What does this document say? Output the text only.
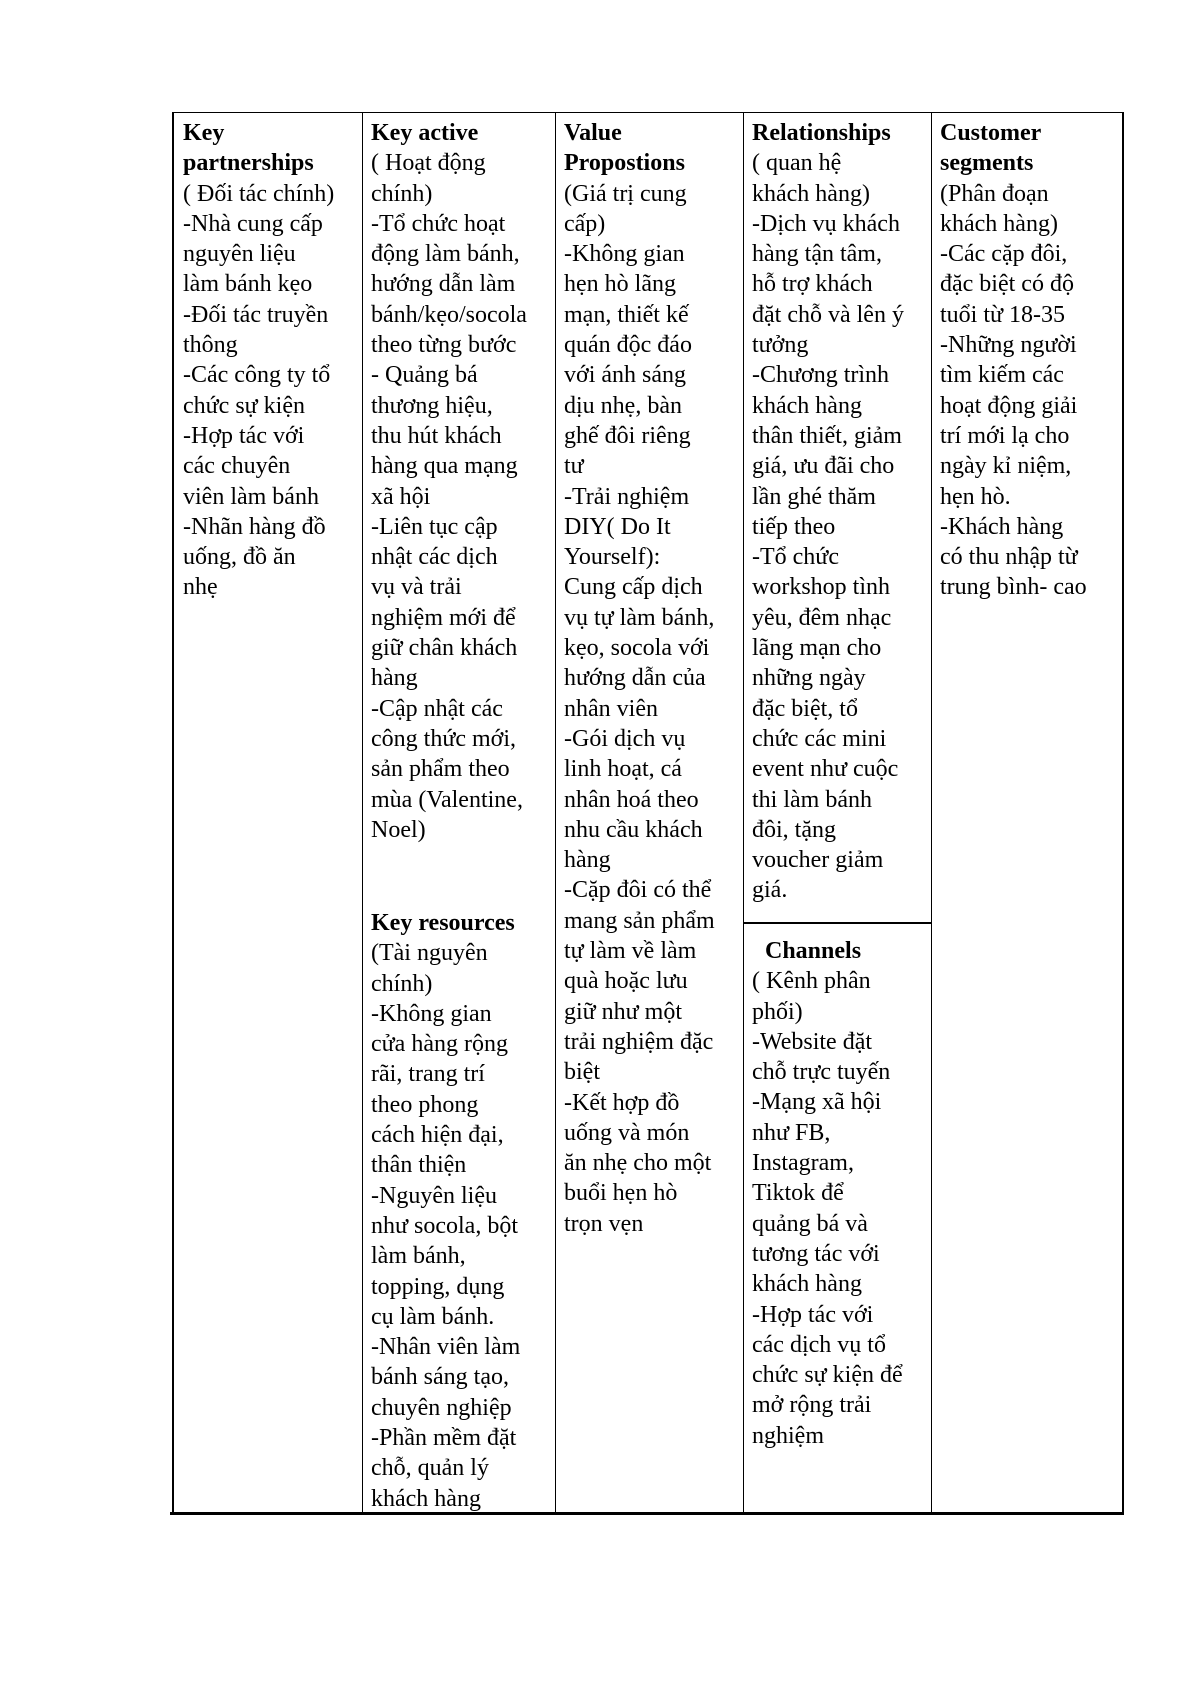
Key
partnerships
( Đối tác chính)
-Nhà cung cấp
nguyên liệu
làm bánh kẹo
-Đối tác truyền
thông
-Các công ty tổ
chức sự kiện
-Hợp tác với
các chuyên
viên làm bánh
-Nhãn hàng đồ
uống, đồ ăn
nhẹ
Key active
( Hoạt động
chính)
-Tổ chức hoạt
động làm bánh,
hướng dẫn làm
bánh/kẹo/socola
theo từng bước
- Quảng bá
thương hiệu,
thu hút khách
hàng qua mạng
xã hội
-Liên tục cập
nhật các dịch
vụ và trải
nghiệm mới để
giữ chân khách
hàng
-Cập nhật các
công thức mới,
sản phẩm theo
mùa (Valentine,
Noel)
Key resources
(Tài nguyên
chính)
-Không gian
cửa hàng rộng
rãi, trang trí
theo phong
cách hiện đại,
thân thiện
-Nguyên liệu
như socola, bột
làm bánh,
topping, dụng
cụ làm bánh.
-Nhân viên làm
bánh sáng tạo,
chuyên nghiệp
-Phần mềm đặt
chỗ, quản lý
khách hàng
Value
Propostions
(Giá trị cung
cấp)
-Không gian
hẹn hò lãng
mạn, thiết kế
quán độc đáo
với ánh sáng
dịu nhẹ, bàn
ghế đôi riêng
tư
-Trải nghiệm
DIY( Do It
Yourself):
Cung cấp dịch
vụ tự làm bánh,
kẹo, socola với
hướng dẫn của
nhân viên
-Gói dịch vụ
linh hoạt, cá
nhân hoá theo
nhu cầu khách
hàng
-Cặp đôi có thể
mang sản phẩm
tự làm về làm
quà hoặc lưu
giữ như một
trải nghiệm đặc
biệt
-Kết hợp đồ
uống và món
ăn nhẹ cho một
buổi hẹn hò
trọn vẹn
Relationships
( quan hệ
khách hàng)
-Dịch vụ khách
hàng tận tâm,
hỗ trợ khách
đặt chỗ và lên ý
tưởng
-Chương trình
khách hàng
thân thiết, giảm
giá, ưu đãi cho
lần ghé thăm
tiếp theo
-Tổ chức
workshop tình
yêu, đêm nhạc
lãng mạn cho
những ngày
đặc biệt, tổ
chức các mini
event như cuộc
thi làm bánh
đôi, tặng
voucher giảm
giá.
Channels
( Kênh phân
phối)
-Website đặt
chỗ trực tuyến
-Mạng xã hội
như FB,
Instagram,
Tiktok để
quảng bá và
tương tác với
khách hàng
-Hợp tác với
các dịch vụ tổ
chức sự kiện để
mở rộng trải
nghiệm
Customer
segments
(Phân đoạn
khách hàng)
-Các cặp đôi,
đặc biệt có độ
tuổi từ 18-35
-Những người
tìm kiếm các
hoạt động giải
trí mới lạ cho
ngày kỉ niệm,
hẹn hò.
-Khách hàng
có thu nhập từ
trung bình- cao
